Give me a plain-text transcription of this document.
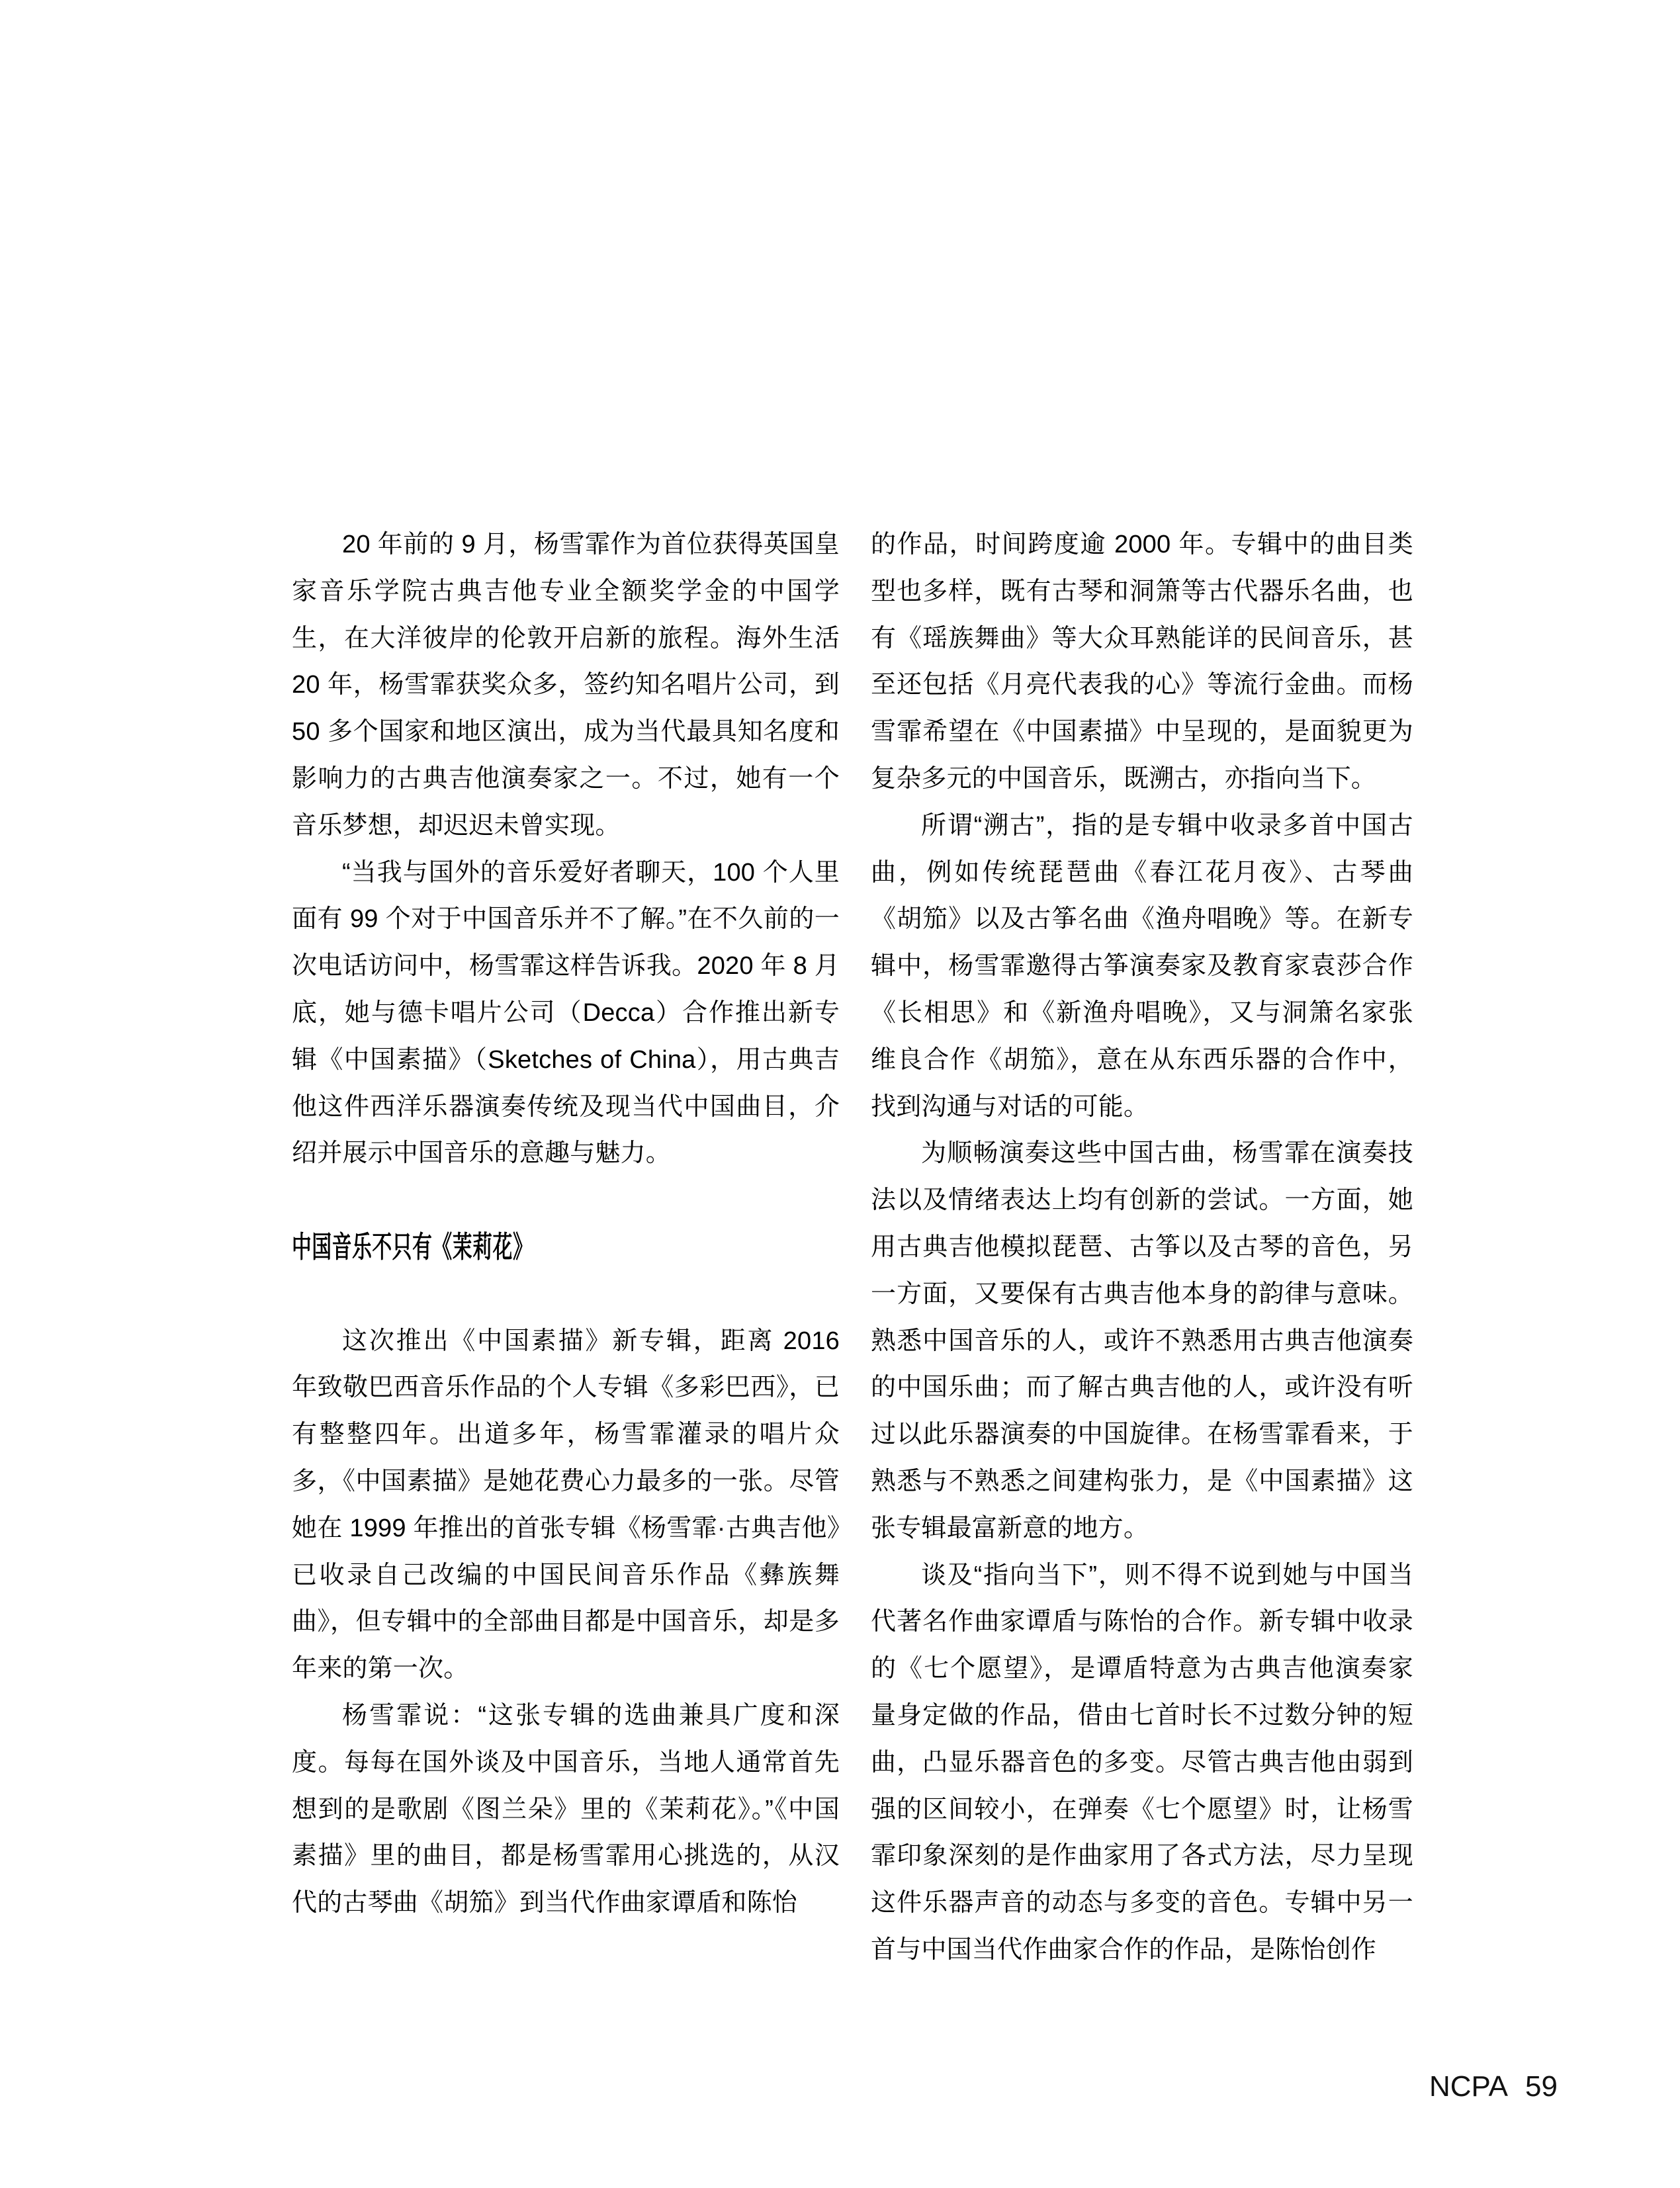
20 年前的 9 月，杨雪霏作为首位获得英国皇家音乐学院古典吉他专业全额奖学金的中国学生，在大洋彼岸的伦敦开启新的旅程。海外生活 20 年，杨雪霏获奖众多，签约知名唱片公司，到 50 多个国家和地区演出，成为当代最具知名度和影响力的古典吉他演奏家之一。不过，她有一个音乐梦想，却迟迟未曾实现。

“当我与国外的音乐爱好者聊天，100 个人里面有 99 个对于中国音乐并不了解。”在不久前的一次电话访问中，杨雪霏这样告诉我。2020 年 8 月底，她与德卡唱片公司（Decca）合作推出新专辑《中国素描》（Sketches of China），用古典吉他这件西洋乐器演奏传统及现当代中国曲目，介绍并展示中国音乐的意趣与魅力。

中国音乐不只有《茉莉花》

这次推出《中国素描》新专辑，距离 2016 年致敬巴西音乐作品的个人专辑《多彩巴西》，已有整整四年。出道多年，杨雪霏灌录的唱片众多，《中国素描》是她花费心力最多的一张。尽管她在 1999 年推出的首张专辑《杨雪霏·古典吉他》已收录自己改编的中国民间音乐作品《彝族舞曲》，但专辑中的全部曲目都是中国音乐，却是多年来的第一次。

杨雪霏说：“这张专辑的选曲兼具广度和深度。每每在国外谈及中国音乐，当地人通常首先想到的是歌剧《图兰朵》里的《茉莉花》。”《中国素描》里的曲目，都是杨雪霏用心挑选的，从汉代的古琴曲《胡笳》到当代作曲家谭盾和陈怡

的作品，时间跨度逾 2000 年。专辑中的曲目类型也多样，既有古琴和洞箫等古代器乐名曲，也有《瑶族舞曲》等大众耳熟能详的民间音乐，甚至还包括《月亮代表我的心》等流行金曲。而杨雪霏希望在《中国素描》中呈现的，是面貌更为复杂多元的中国音乐，既溯古，亦指向当下。

所谓“溯古”，指的是专辑中收录多首中国古曲，例如传统琵琶曲《春江花月夜》、古琴曲《胡笳》以及古筝名曲《渔舟唱晚》等。在新专辑中，杨雪霏邀得古筝演奏家及教育家袁莎合作《长相思》和《新渔舟唱晚》，又与洞箫名家张维良合作《胡笳》，意在从东西乐器的合作中，找到沟通与对话的可能。

为顺畅演奏这些中国古曲，杨雪霏在演奏技法以及情绪表达上均有创新的尝试。一方面，她用古典吉他模拟琵琶、古筝以及古琴的音色，另一方面，又要保有古典吉他本身的韵律与意味。熟悉中国音乐的人，或许不熟悉用古典吉他演奏的中国乐曲；而了解古典吉他的人，或许没有听过以此乐器演奏的中国旋律。在杨雪霏看来，于熟悉与不熟悉之间建构张力，是《中国素描》这张专辑最富新意的地方。

谈及“指向当下”，则不得不说到她与中国当代著名作曲家谭盾与陈怡的合作。新专辑中收录的《七个愿望》，是谭盾特意为古典吉他演奏家量身定做的作品，借由七首时长不过数分钟的短曲，凸显乐器音色的多变。尽管古典吉他由弱到强的区间较小，在弹奏《七个愿望》时，让杨雪霏印象深刻的是作曲家用了各式方法，尽力呈现这件乐器声音的动态与多变的音色。专辑中另一首与中国当代作曲家合作的作品，是陈怡创作

NCPA 59
